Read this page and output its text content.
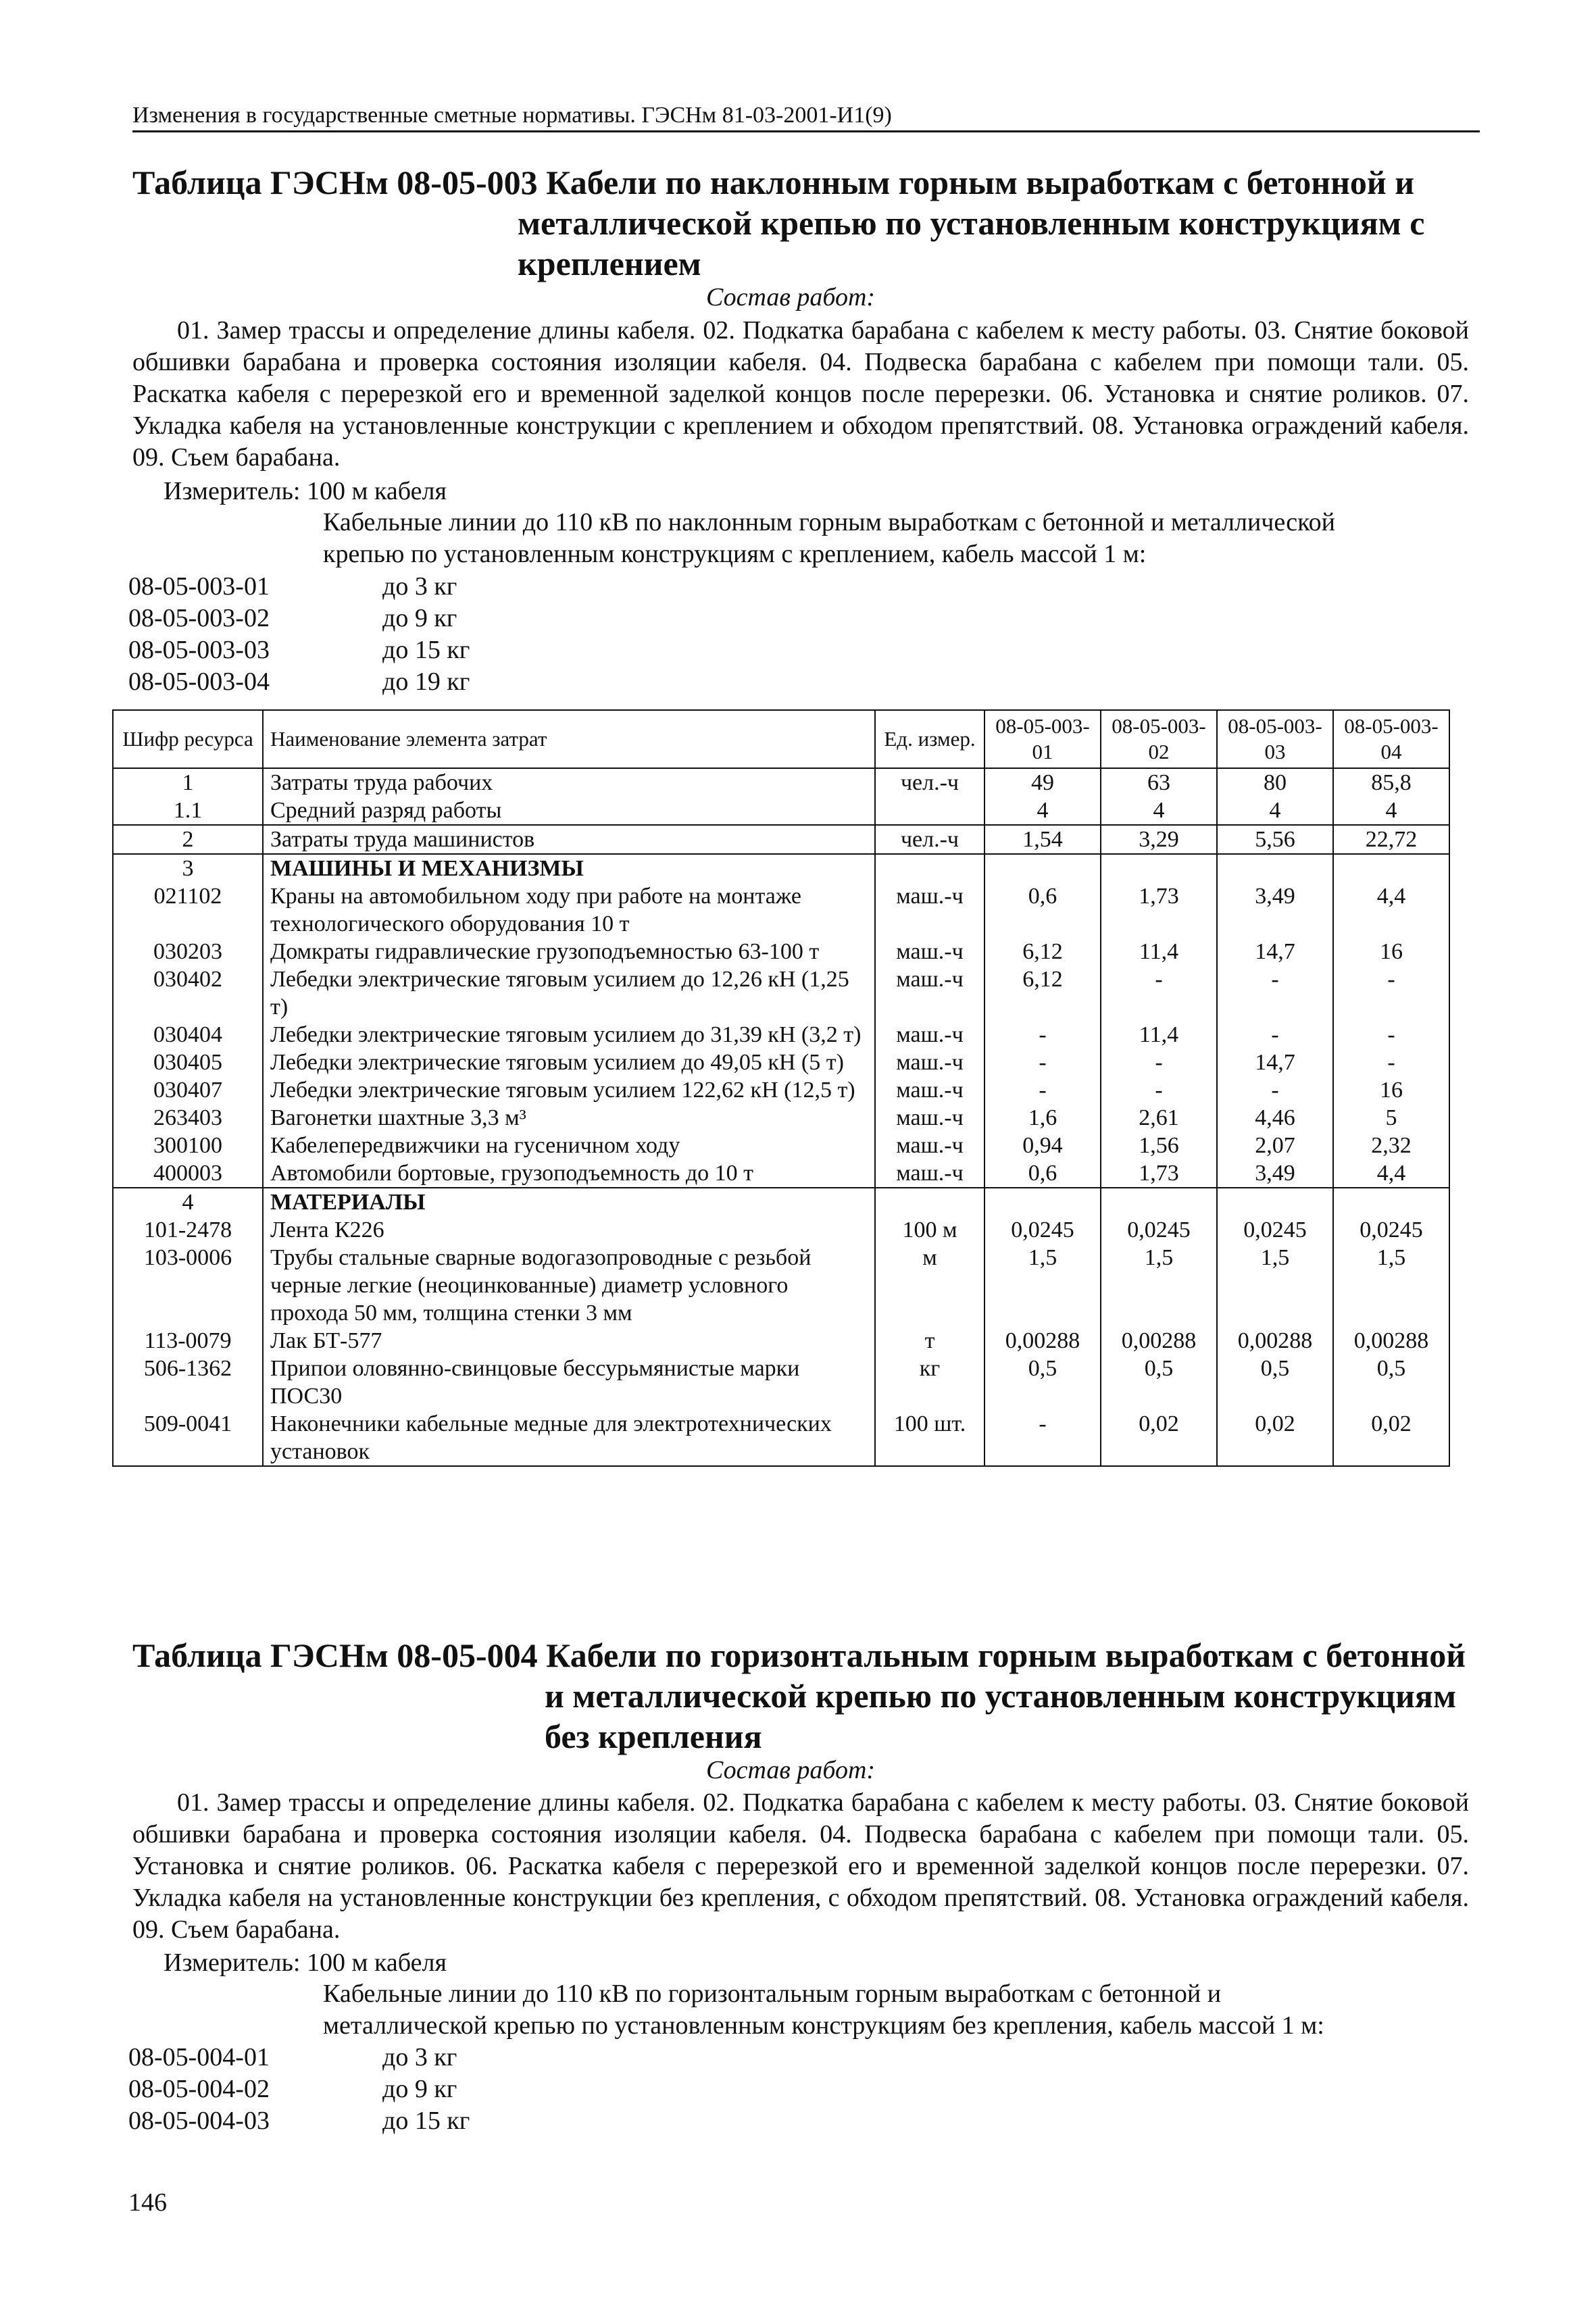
Изменения в государственные сметные нормативы. ГЭСНм 81-03-2001-И1(9)
Таблица ГЭСНм 08-05-003 Кабели по наклонным горным выработкам с бетонной и
металлической крепью по установленным конструкциям с
креплением
Состав работ:
01. Замер трассы и определение длины кабеля. 02. Подкатка барабана с кабелем к месту работы. 03. Снятие боковой обшивки барабана и проверка состояния изоляции кабеля. 04. Подвеска барабана с кабелем при помощи тали. 05. Раскатка кабеля с перерезкой его и временной заделкой концов после перерезки. 06. Установка и снятие роликов. 07. Укладка кабеля на установленные конструкции с креплением и обходом препятствий. 08. Установка ограждений кабеля. 09. Съем барабана.
Измеритель: 100 м кабеля
Кабельные линии до 110 кВ по наклонным горным выработкам с бетонной и металлической
крепью по установленным конструкциям с креплением, кабель массой 1 м:
08-05-003-01	до 3 кг
08-05-003-02	до 9 кг
08-05-003-03	до 15 кг
08-05-003-04	до 19 кг
Шифр ресурса	Наименование элемента затрат	Ед. измер.	08-05-003-01	08-05-003-02	08-05-003-03	08-05-003-04
1	Затраты труда рабочих	чел.-ч	49	63	80	85,8
1.1	Средний разряд работы		4	4	4	4
2	Затраты труда машинистов	чел.-ч	1,54	3,29	5,56	22,72
3	МАШИНЫ И МЕХАНИЗМЫ					
021102	Краны на автомобильном ходу при работе на монтаже технологического оборудования 10 т	маш.-ч	0,6	1,73	3,49	4,4
030203	Домкраты гидравлические грузоподъемностью 63-100 т	маш.-ч	6,12	11,4	14,7	16
030402	Лебедки электрические тяговым усилием до 12,26 кН (1,25 т)	маш.-ч	6,12	-	-	-
030404	Лебедки электрические тяговым усилием до 31,39 кН (3,2 т)	маш.-ч	-	11,4	-	-
030405	Лебедки электрические тяговым усилием до 49,05 кН (5 т)	маш.-ч	-	-	14,7	-
030407	Лебедки электрические тяговым усилием 122,62 кН (12,5 т)	маш.-ч	-	-	-	16
263403	Вагонетки шахтные 3,3 м³	маш.-ч	1,6	2,61	4,46	5
300100	Кабелепередвижчики на гусеничном ходу	маш.-ч	0,94	1,56	2,07	2,32
400003	Автомобили бортовые, грузоподъемность до 10 т	маш.-ч	0,6	1,73	3,49	4,4
4	МАТЕРИАЛЫ					
101-2478	Лента К226	100 м	0,0245	0,0245	0,0245	0,0245
103-0006	Трубы стальные сварные водогазопроводные с резьбой черные легкие (неоцинкованные) диаметр условного прохода 50 мм, толщина стенки 3 мм	м	1,5	1,5	1,5	1,5
113-0079	Лак БТ-577	т	0,00288	0,00288	0,00288	0,00288
506-1362	Припои оловянно-свинцовые бессурьмянистые марки ПОС30	кг	0,5	0,5	0,5	0,5
509-0041	Наконечники кабельные медные для электротехнических установок	100 шт.	-	0,02	0,02	0,02
Таблица ГЭСНм 08-05-004 Кабели по горизонтальным горным выработкам с бетонной
и металлической крепью по установленным конструкциям
без крепления
Состав работ:
01. Замер трассы и определение длины кабеля. 02. Подкатка барабана с кабелем к месту работы. 03. Снятие боковой обшивки барабана и проверка состояния изоляции кабеля. 04. Подвеска барабана с кабелем при помощи тали. 05. Установка и снятие роликов. 06. Раскатка кабеля с перерезкой его и временной заделкой концов после перерезки. 07. Укладка кабеля на установленные конструкции без крепления, с обходом препятствий. 08. Установка ограждений кабеля. 09. Съем барабана.
Измеритель: 100 м кабеля
Кабельные линии до 110 кВ по горизонтальным горным выработкам с бетонной и
металлической крепью по установленным конструкциям без крепления, кабель массой 1 м:
08-05-004-01	до 3 кг
08-05-004-02	до 9 кг
08-05-004-03	до 15 кг
146
